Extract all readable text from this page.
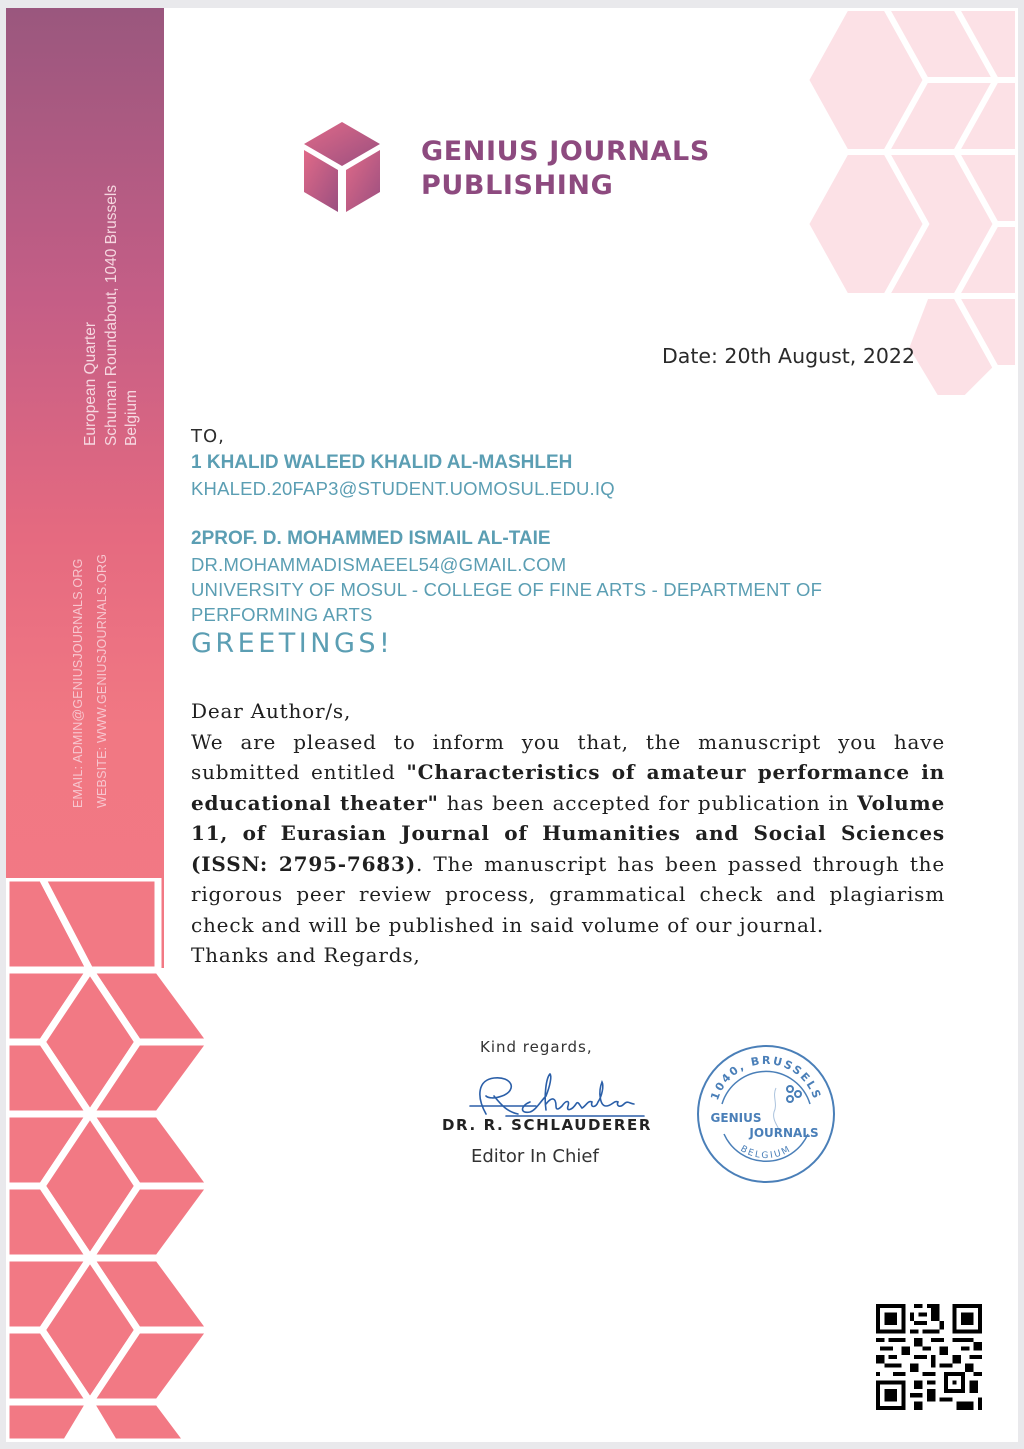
European Quarter Schuman Roundabout, 1040 Brussels Belgium
EMAIL: ADMIN@GENIUSJOURNALS.ORG WEBSITE: WWW.GENIUSJOURNALS.ORG
GENIUS JOURNALS
PUBLISHING
Date: 20th August, 2022
TO,
1 KHALID WALEED KHALID AL-MASHLEH
KHALED.20FAP3@STUDENT.UOMOSUL.EDU.IQ
2PROF. D. MOHAMMED ISMAIL AL-TAIE
DR.MOHAMMADISMAEEL54@GMAIL.COM
UNIVERSITY OF MOSUL - COLLEGE OF FINE ARTS - DEPARTMENT OF
PERFORMING ARTS
GREETINGS!

Dear Author/s,

We are pleased to inform you that, the manuscript you have submitted entitled "Characteristics of amateur performance in educational theater" has been accepted for publication in Volume 11, of Eurasian Journal of Humanities and Social Sciences (ISSN: 2795-7683). The manuscript has been passed through the rigorous peer review process, grammatical check and plagiarism check and will be published in said volume of our journal.

Thanks and Regards,

Kind regards,
DR. R. SCHLAUDERER
Editor In Chief
1040, BRUSSELS
BELGIUM
GENIUS
JOURNALS
